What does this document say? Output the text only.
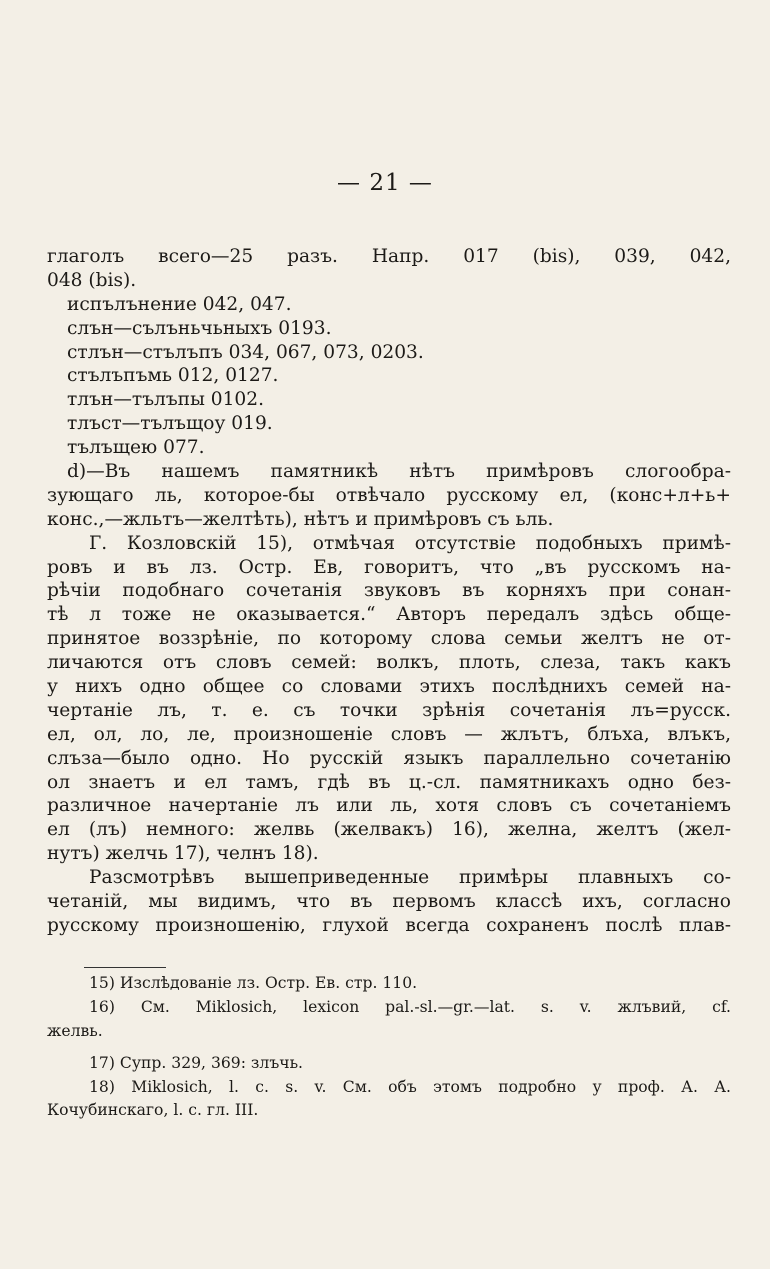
— 21 —
глаголъ всего—25 разъ. Напр. 017 (bis), 039, 042,
048 (bis).
испълънение 042, 047.
слън—сълъньчьныхъ 0193.
стлън—стълъпъ 034, 067, 073, 0203.
стълъпъмь 012, 0127.
тлън—тълъпы 0102.
тлъст—тълъщоу 019.
тълъщею 077.
d)—Въ нашемъ памятникѣ нѣтъ примѣровъ слогообра-
зующаго ль, котороe-бы отвѣчало русскому ел, (конс+л+ь+
конс.,—жльтъ—желтѣть), нѣтъ и примѣровъ съ ьль.
Г. Козловскій 15), отмѣчая отсутствіе подобныхъ примѣ-
ровъ и въ лз. Остр. Ев, говоритъ, что „въ русскомъ на-
рѣчіи подобнаго сочетанія звуковъ въ корняхъ при сонан-
тѣ л тоже не оказывается.“ Авторъ передалъ здѣсь обще-
принятое воззрѣніе, по которому слова семьи желтъ не от-
личаются отъ словъ семей: волкъ, плоть, слеза, такъ какъ
у нихъ одно общее со словами этихъ послѣднихъ семей на-
чертаніе лъ, т. е. съ точки зрѣнія сочетанія лъ=русск.
ел, ол, ло, ле, произношеніе словъ — жлътъ, блъха, влъкъ,
слъза—было одно. Но русскій языкъ параллельно сочетанію
ол знаетъ и ел тамъ, гдѣ въ ц.-сл. памятникахъ одно без-
различное начертаніе лъ или ль, хотя словъ съ сочетаніемъ
ел (лъ) немного: желвь (желвакъ) 16), желна, желтъ (жел-
нутъ) желчь 17), челнъ 18).
Разсмотрѣвъ вышеприведенные примѣры плавныхъ со-
четаній, мы видимъ, что въ первомъ классѣ ихъ, согласно
русскому произношенію, глухой всегда сохраненъ послѣ плав-
15) Изслѣдованіе лз. Остр. Ев. стр. 110.
16) См. Miklosich, lexicon pal.-sl.—gr.—lat. s. v. жлъвий, cf.
желвь.
17) Супр. 329, 369: злъчь.
18) Miklosich, l. c. s. v. См. объ этомъ подробно у проф. А. А.
Кочубинскаго, l. c. гл. III.
